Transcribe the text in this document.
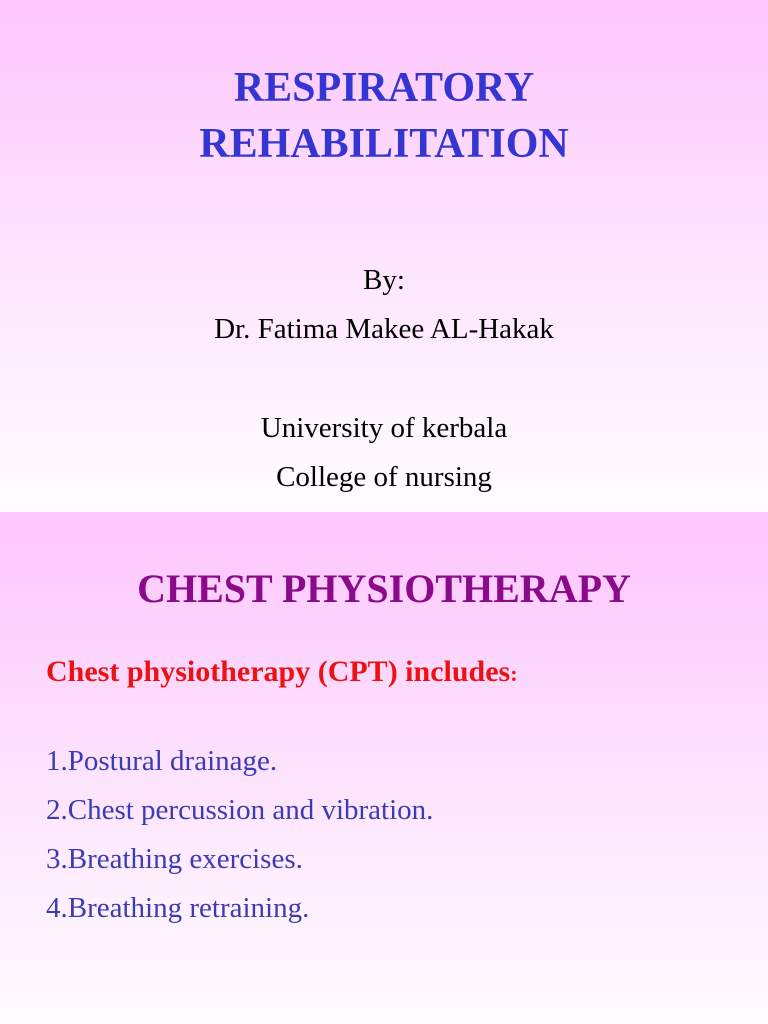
RESPIRATORY
REHABILITATION

By:

Dr. Fatima Makee AL-Hakak

University of kerbala

College of nursing

CHEST PHYSIOTHERAPY

Chest physiotherapy (CPT) includes:

1.Postural drainage.
2.Chest percussion and vibration.
3.Breathing exercises.
4.Breathing retraining.
